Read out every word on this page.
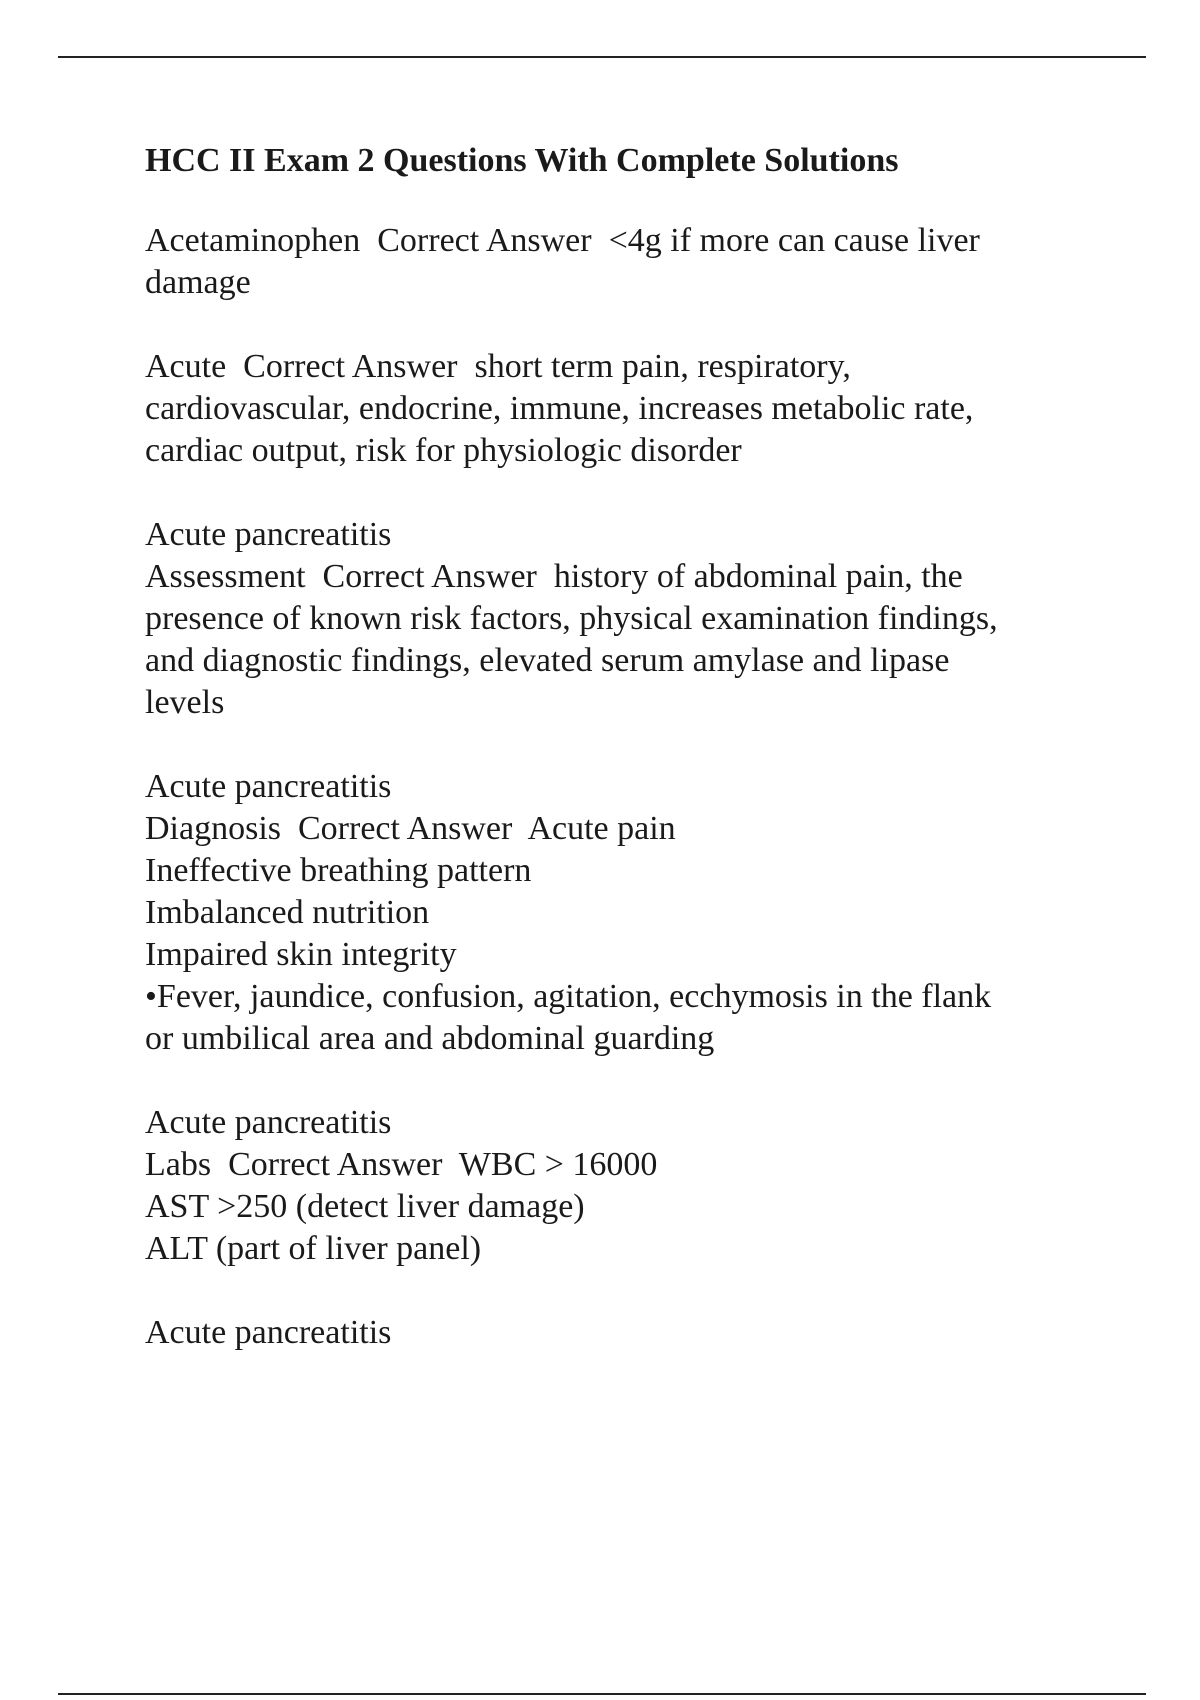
HCC II Exam 2 Questions With Complete Solutions
Acetaminophen  Correct Answer  <4g if more can cause liver
damage
Acute  Correct Answer  short term pain, respiratory,
cardiovascular, endocrine, immune, increases metabolic rate,
cardiac output, risk for physiologic disorder
Acute pancreatitis
Assessment  Correct Answer  history of abdominal pain, the
presence of known risk factors, physical examination findings,
and diagnostic findings, elevated serum amylase and lipase
levels
Acute pancreatitis
Diagnosis  Correct Answer  Acute pain
Ineffective breathing pattern
Imbalanced nutrition
Impaired skin integrity
•Fever, jaundice, confusion, agitation, ecchymosis in the flank
or umbilical area and abdominal guarding
Acute pancreatitis
Labs  Correct Answer  WBC > 16000
AST >250 (detect liver damage)
ALT (part of liver panel)
Acute pancreatitis
